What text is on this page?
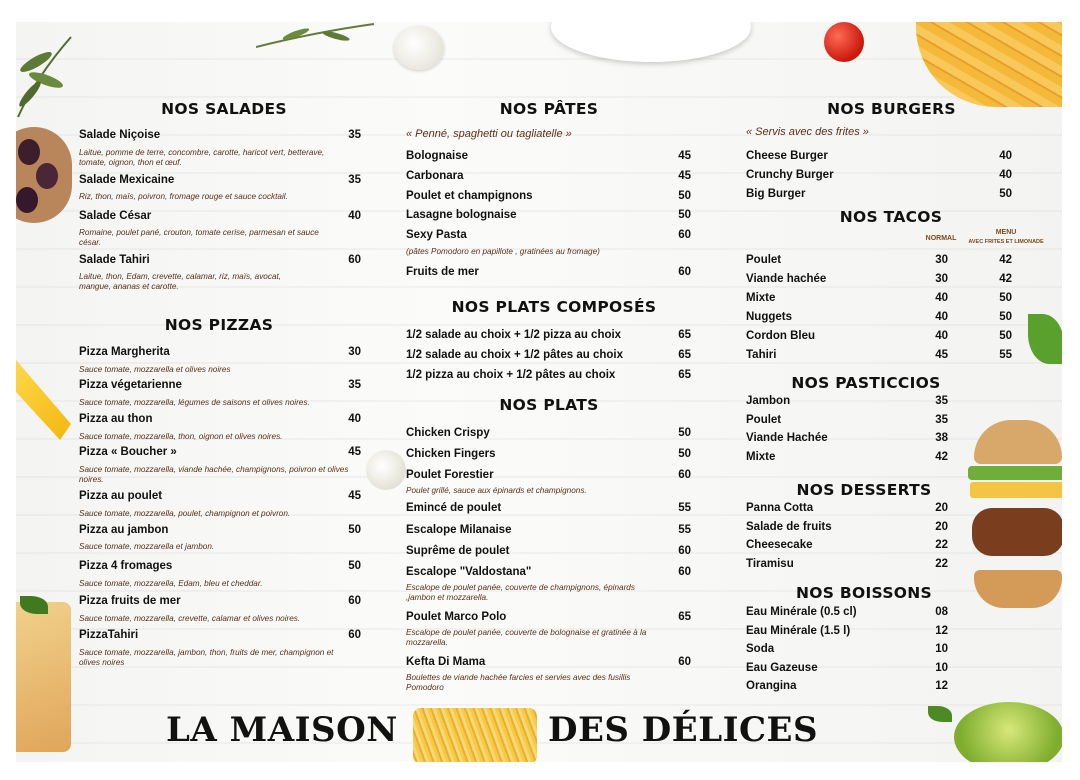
NOS SALADES
Salade Niçoise	35
Laitue, pomme de terre, concombre, carotte, haricot vert, betterave, tomate, oignon, thon et œuf.
Salade Mexicaine	35
Riz, thon, maïs, poivron, fromage rouge et sauce cocktail.
Salade César	40
Romaine, poulet pané, crouton, tomate cerise, parmesan et sauce césar.
Salade Tahiri	60
Laitue, thon, Edam, crevette, calamar, riz, maïs, avocat, mangue, ananas et carotte.
NOS PIZZAS
Pizza Margherita	30
Sauce tomate, mozzarella et olives noires
Pizza végetarienne	35
Sauce tomate, mozzarella, légumes de saisons et olives noires.
Pizza au thon	40
Sauce tomate, mozzarella, thon, oignon et olives noires.
Pizza « Boucher »	45
Sauce tomate, mozzarella, viande hachée, champignons, poivron et olives noires.
Pizza au poulet	45
Sauce tomate, mozzarella, poulet, champignon et poivron.
Pizza au jambon	50
Sauce tomate, mozzarella et jambon.
Pizza 4 fromages	50
Sauce tomate, mozzarella, Edam, bleu et cheddar.
Pizza fruits de mer	60
Sauce tomate, mozzarella, crevette, calamar et olives noires.
PizzaTahiri	60
Sauce tomate, mozzarella, jambon, thon, fruits de mer, champignon et olives noires
NOS PÂTES
« Penné, spaghetti ou tagliatelle »
Bolognaise	45
Carbonara	45
Poulet et champignons	50
Lasagne bolognaise	50
Sexy Pasta	60
(pâtes Pomodoro en papillote , gratinées au fromage)
Fruits de mer	60
NOS PLATS COMPOSÉS
1/2 salade au choix + 1/2 pizza au choix	65
1/2 salade au choix + 1/2 pâtes au choix	65
1/2 pizza au choix + 1/2 pâtes au choix	65
NOS PLATS
Chicken Crispy	50
Chicken Fingers	50
Poulet Forestier	60
Poulet grillé, sauce aux épinards et champignons.
Emincé de poulet	55
Escalope Milanaise	55
Suprême de poulet	60
Escalope "Valdostana"	60
Escalope de poulet panée, couverte de champignons, épinards ,jambon et mozzarella.
Poulet Marco Polo	65
Escalope de poulet panée, couverte de bolognaise et gratinée à la mozzarella.
Kefta Di Mama	60
Boulettes de viande hachée farcies et servies avec des fusillis Pomodoro
NOS BURGERS
« Servis avec des frites »
Cheese Burger	40
Crunchy Burger	40
Big Burger	50
NOS TACOS
NORMAL
MENU
AVEC FRITES ET LIMONADE
Poulet	30	42
Viande hachée	30	42
Mixte	40	50
Nuggets	40	50
Cordon Bleu	40	50
Tahiri	45	55
NOS PASTICCIOS
Jambon	35
Poulet	35
Viande Hachée	38
Mixte	42
NOS DESSERTS
Panna Cotta	20
Salade de fruits	20
Cheesecake	22
Tiramisu	22
NOS BOISSONS
Eau Minérale (0.5 cl)	08
Eau Minérale (1.5 l)	12
Soda	10
Eau Gazeuse	10
Orangina	12
LA MAISON	DES DÉLICES
